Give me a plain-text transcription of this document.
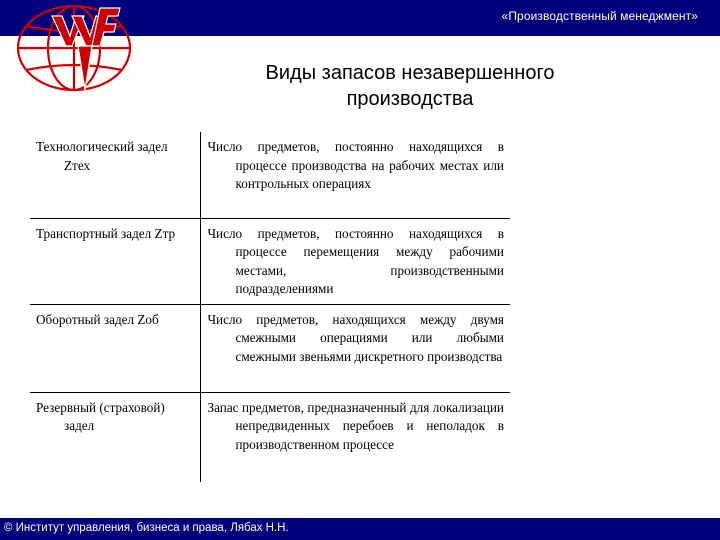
«Производственный менеджмент»
Виды запасов незавершенного
производства
Технологический задел Zтех	Число предметов, постоянно находящихся в процессе производства на рабочих местах или контрольных операциях

Транспортный задел Zтр	Число предметов, постоянно находящихся в процессе перемещения между рабочими местами, производственными подразделениями

Оборотный задел Zоб	Число предметов, находящихся между двумя смежными операциями или любыми смежными звеньями дискретного производства

Резервный (страховой) задел	Запас предметов, предназначенный для локализации непредвиденных перебоев и неполадок в производственном процессе
© Институт управления, бизнеса и права, Лябах Н.Н.
